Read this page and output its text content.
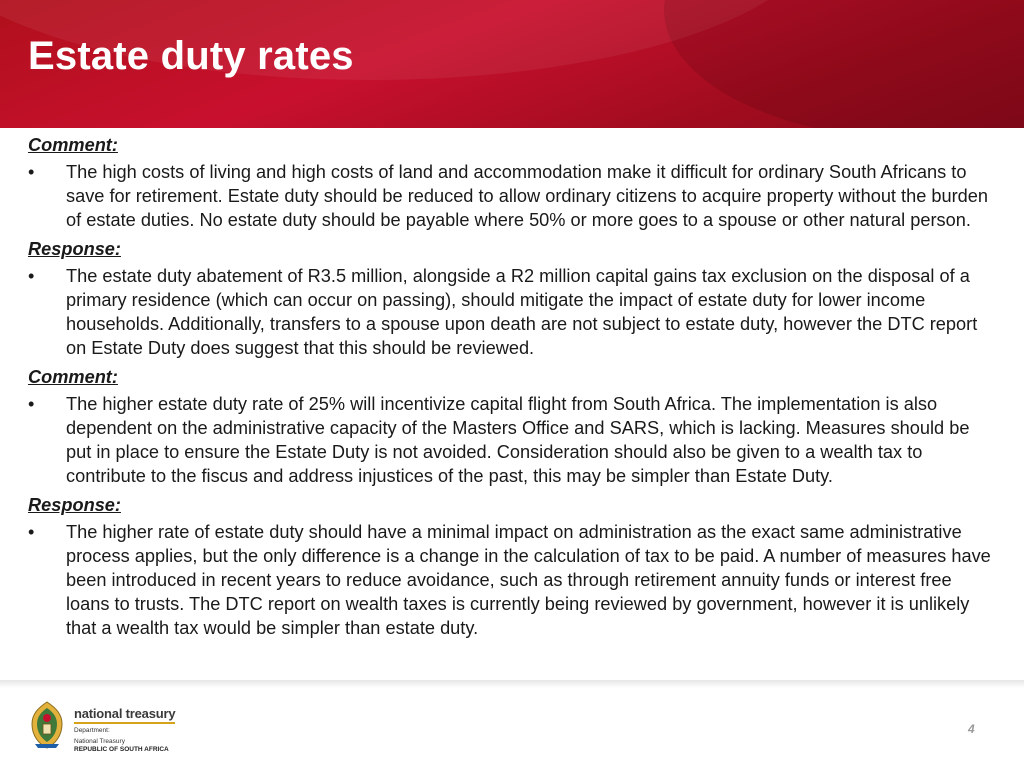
Estate duty rates
Comment:
• The high costs of living and high costs of land and accommodation make it difficult for ordinary South Africans to save for retirement. Estate duty should be reduced to allow ordinary citizens to acquire property without the burden of estate duties. No estate duty should be payable where 50% or more goes to a spouse or other natural person.
Response:
• The estate duty abatement of R3.5 million, alongside a R2 million capital gains tax exclusion on the disposal of a primary residence (which can occur on passing), should mitigate the impact of estate duty for lower income households. Additionally, transfers to a spouse upon death are not subject to estate duty, however the DTC report on Estate Duty does suggest that this should be reviewed.
Comment:
• The higher estate duty rate of 25% will incentivize capital flight from South Africa. The implementation is also dependent on the administrative capacity of the Masters Office and SARS, which is lacking. Measures should be put in place to ensure the Estate Duty is not avoided. Consideration should also be given to a wealth tax to contribute to the fiscus and address injustices of the past, this may be simpler than Estate Duty.
Response:
• The higher rate of estate duty should have a minimal impact on administration as the exact same administrative process applies, but the only difference is a change in the calculation of tax to be paid. A number of measures have been introduced in recent years to reduce avoidance, such as through retirement annuity funds or interest free loans to trusts. The DTC report on wealth taxes is currently being reviewed by government, however it is unlikely that a wealth tax would be simpler than estate duty.
national treasury
Department:
National Treasury
REPUBLIC OF SOUTH AFRICA
4
